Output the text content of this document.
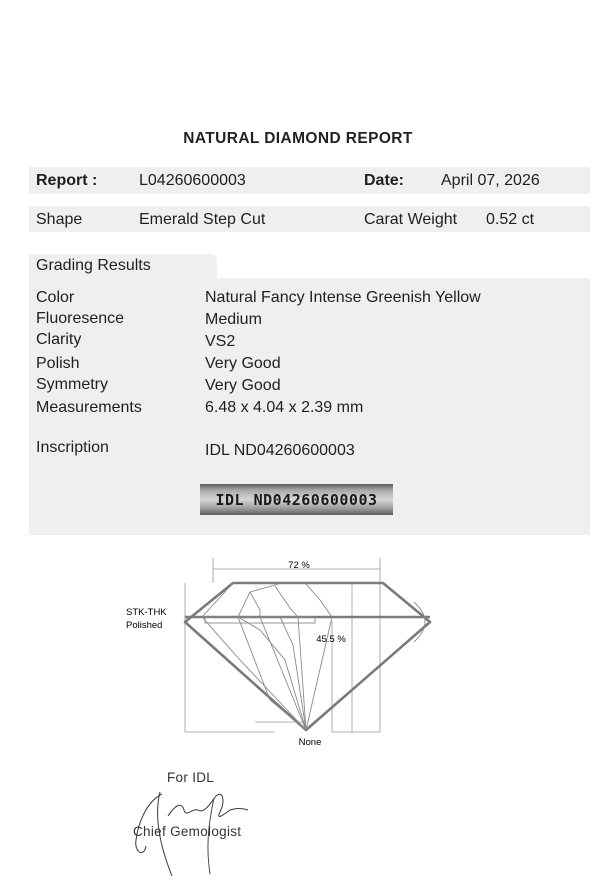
NATURAL DIAMOND REPORT
Report :	L04260600003	Date: April 07, 2026
Shape	Emerald Step Cut	Carat Weight 0.52 ct
Grading Results
Color	Natural Fancy Intense Greenish Yellow
Fluoresence	Medium
Clarity	VS2
Polish	Very Good
Symmetry	Very Good
Measurements	6.48 x 4.04 x 2.39 mm
Inscription	IDL ND04260600003
IDL ND04260600003
72 %
45.5 %
STK-THK
Polished
None
For IDL
Chief Gemologist
